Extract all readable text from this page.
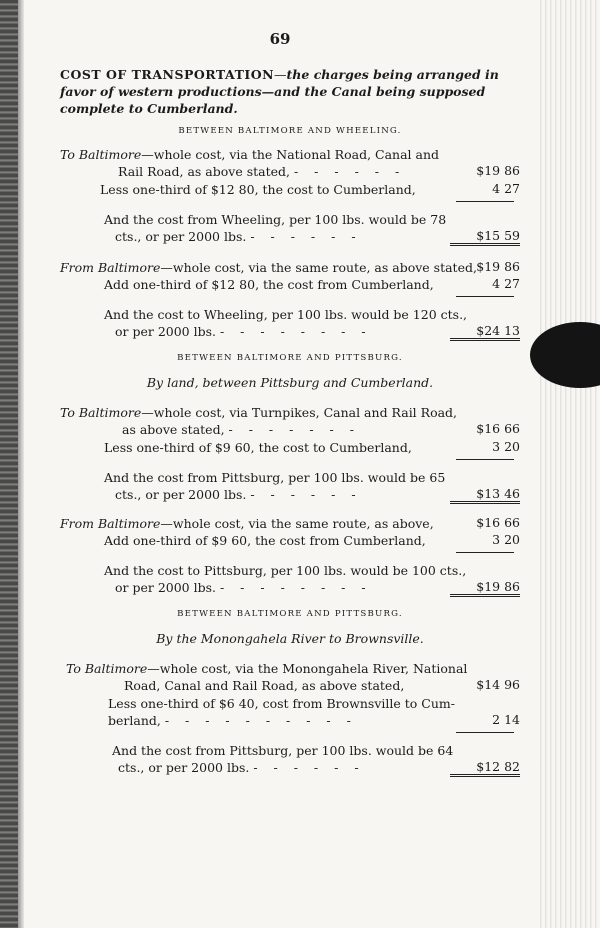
69
COST OF TRANSPORTATION—the charges being arranged in favor of western productions—and the Canal being supposed complete to Cumberland.
BETWEEN BALTIMORE AND WHEELING.
To Baltimore—whole cost, via the National Road, Canal and
Rail Road, as above stated, - - - - - -	$19 86
Less one-third of $12 80, the cost to Cumberland,	4 27
And the cost from Wheeling, per 100 lbs. would be 78
cts., or per 2000 lbs. - - - - - -	$15 59
From Baltimore—whole cost, via the same route, as above stated, $19 86
Add one-third of $12 80, the cost from Cumberland,	4 27
And the cost to Wheeling, per 100 lbs. would be 120 cts.,
or per 2000 lbs. - - - - - - - -	$24 13
BETWEEN BALTIMORE AND PITTSBURG.
By land, between Pittsburg and Cumberland.
To Baltimore—whole cost, via Turnpikes, Canal and Rail Road,
as above stated, - - - - - - -	$16 66
Less one-third of $9 60, the cost to Cumberland,	3 20
And the cost from Pittsburg, per 100 lbs. would be 65
cts., or per 2000 lbs. - - - - - -	$13 46
From Baltimore—whole cost, via the same route, as above,	$16 66
Add one-third of $9 60, the cost from Cumberland,	3 20
And the cost to Pittsburg, per 100 lbs. would be 100 cts.,
or per 2000 lbs. - - - - - - - -	$19 86
BETWEEN BALTIMORE AND PITTSBURG.
By the Monongahela River to Brownsville.
To Baltimore—whole cost, via the Monongahela River, National
Road, Canal and Rail Road, as above stated,	$14 96
Less one-third of $6 40, cost from Brownsville to Cum-
berland, - - - - - - - - - -	2 14
And the cost from Pittsburg, per 100 lbs. would be 64
cts., or per 2000 lbs. - - - - - -	$12 82
